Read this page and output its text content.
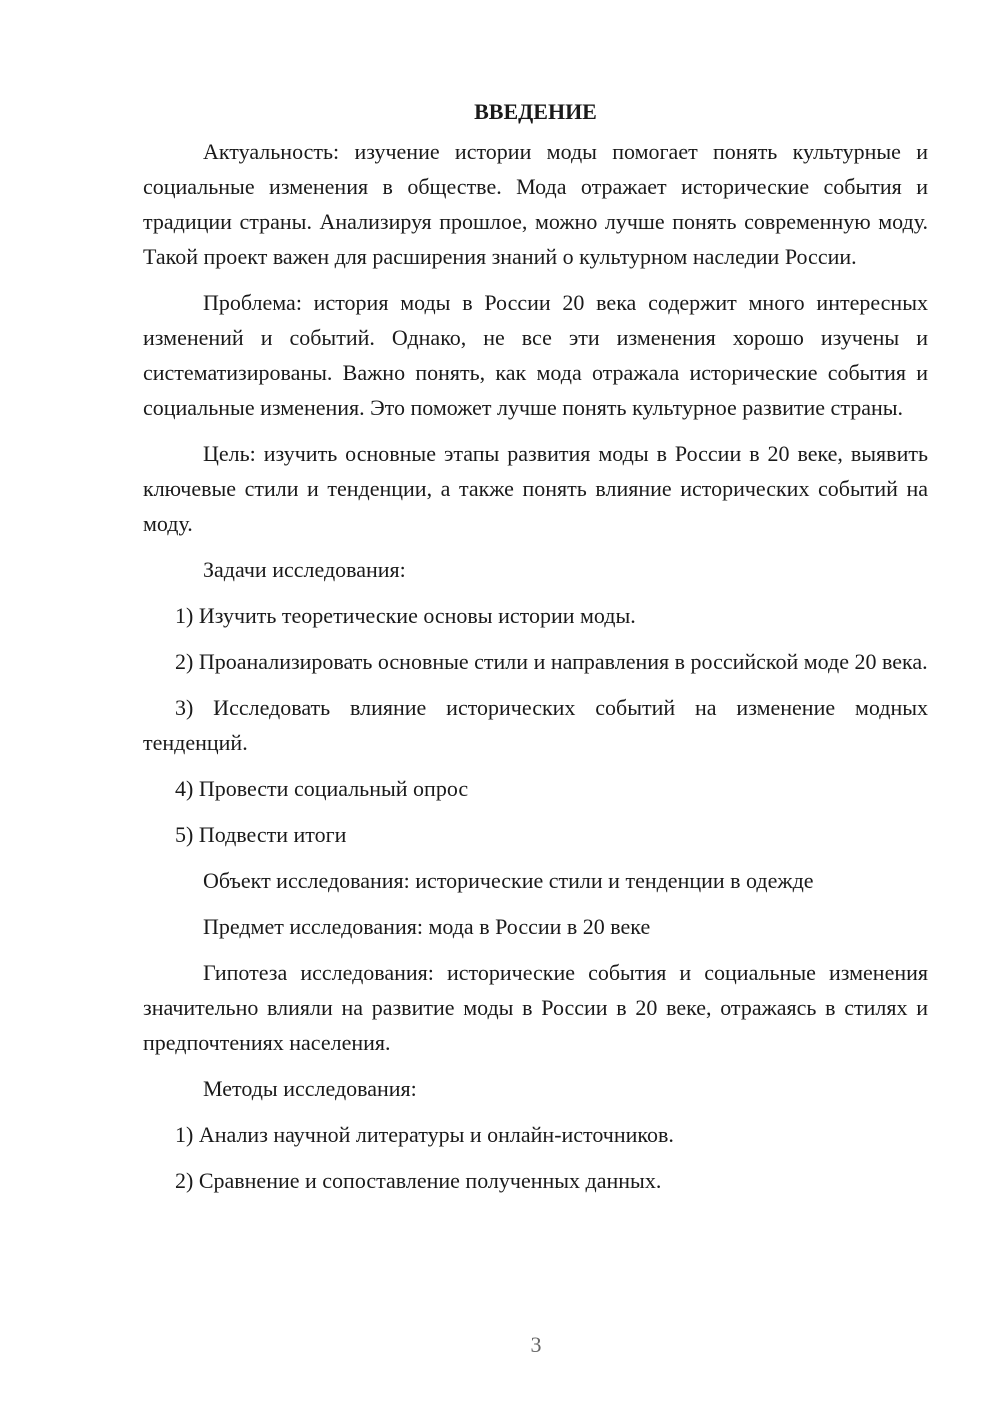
ВВЕДЕНИЕ

Актуальность: изучение истории моды помогает понять культурные и социальные изменения в обществе. Мода отражает исторические события и традиции страны. Анализируя прошлое, можно лучше понять современную моду. Такой проект важен для расширения знаний о культурном наследии России.

Проблема: история моды в России 20 века содержит много интересных изменений и событий. Однако, не все эти изменения хорошо изучены и систематизированы. Важно понять, как мода отражала исторические события и социальные изменения. Это поможет лучше понять культурное развитие страны.

Цель: изучить основные этапы развития моды в России в 20 веке, выявить ключевые стили и тенденции, а также понять влияние исторических событий на моду.

Задачи исследования:

1) Изучить теоретические основы истории моды.

2) Проанализировать основные стили и направления в российской моде 20 века.

3) Исследовать влияние исторических событий на изменение модных тенденций.

4) Провести социальный опрос

5) Подвести итоги

Объект исследования: исторические стили и тенденции в одежде

Предмет исследования: мода в России в 20 веке

Гипотеза исследования: исторические события и социальные изменения значительно влияли на развитие моды в России в 20 веке, отражаясь в стилях и предпочтениях населения.

Методы исследования:

1) Анализ научной литературы и онлайн-источников.

2) Сравнение и сопоставление полученных данных.

3
